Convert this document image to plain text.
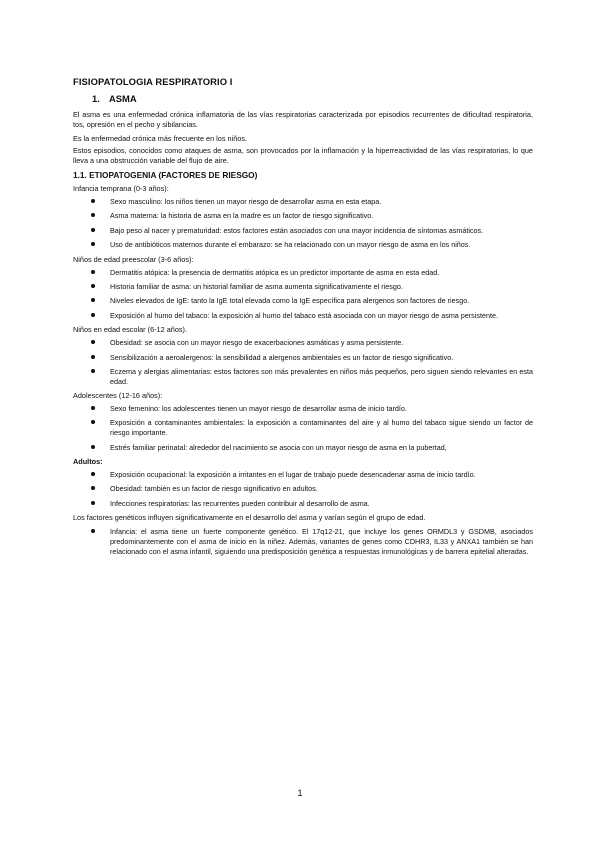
FISIOPATOLOGIA RESPIRATORIO I
1. ASMA

El asma es una enfermedad crónica inflamatoria de las vías respiratorias caracterizada por episodios recurrentes de dificultad respiratoria, tos, opresión en el pecho y sibilancias.

Es la enfermedad crónica más frecuente en los niños.

Estos episodios, conocidos como ataques de asma, son provocados por la inflamación y la hiperreactividad de las vías respiratorias, lo que lleva a una obstrucción variable del flujo de aire.

1.1. ETIOPATOGENIA (FACTORES DE RIESGO)
Infancia temprana (0-3 años):
Sexo masculino: los niños tienen un mayor riesgo de desarrollar asma en esta etapa.
Asma materna: la historia de asma en la madre es un factor de riesgo significativo.
Bajo peso al nacer y prematuridad: estos factores están asociados con una mayor incidencia de síntomas asmáticos.
Uso de antibióticos maternos durante el embarazo: se ha relacionado con un mayor riesgo de asma en los niños.
Niños de edad preescolar (3-6 años):
Dermatitis atópica: la presencia de dermatitis atópica es un predictor importante de asma en esta edad.
Historia familiar de asma: un historial familiar de asma aumenta significativamente el riesgo.
Niveles elevados de IgE: tanto la IgE total elevada como la IgE específica para alergenos son factores de riesgo.
Exposición al humo del tabaco: la exposición al humo del tabaco está asociada con un mayor riesgo de asma persistente.
Niños en edad escolar (6-12 años).
Obesidad: se asocia con un mayor riesgo de exacerbaciones asmáticas y asma persistente.
Sensibilización a aeroalergenos: la sensibilidad a alergenos ambientales es un factor de riesgo significativo.
Eczema y alergias alimentarias: estos factores son más prevalentes en niños más pequeños, pero siguen siendo relevantes en esta edad.
Adolescentes (12-16 años):
Sexo femenino: los adolescentes tienen un mayor riesgo de desarrollar asma de inicio tardío.
Exposición a contaminantes ambientales: la exposición a contaminantes del aire y al humo del tabaco sigue siendo un factor de riesgo importante.
Estrés familiar perinatal: alrededor del nacimiento se asocia con un mayor riesgo de asma en la pubertad,
Adultos:
Exposición ocupacional: la exposición a irritantes en el lugar de trabajo puede desencadenar asma de inicio tardío.
Obesidad: también es un factor de riesgo significativo en adultos.
Infecciones respiratorias: las recurrentes pueden contribuir al desarrollo de asma.

Los factores genéticos influyen significativamente en el desarrollo del asma y varían según el grupo de edad.

Infancia: el asma tiene un fuerte componente genético. El 17q12-21, que incluye los genes ORMDL3 y GSDMB, asociados predominantemente con el asma de inicio en la niñez. Además, variantes de genes como CDHR3, IL33 y ANXA1 también se han relacionado con el asma infantil, siguiendo una predisposición genética a respuestas inmunológicas y de barrera epitelial alteradas.
1
